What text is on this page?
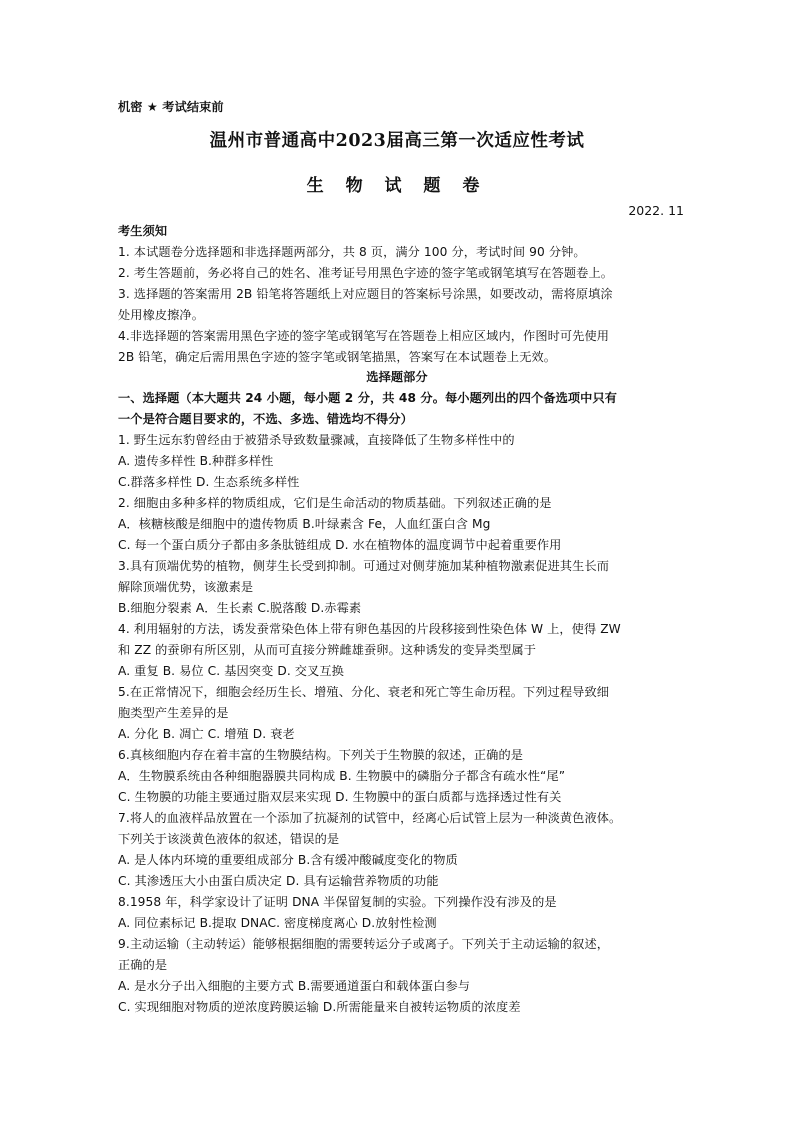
机密 ★ 考试结束前
温州市普通高中2023届高三第一次适应性考试
生 物 试 题 卷
2022. 11
考生须知
1. 本试题卷分选择题和非选择题两部分，共 8 页，满分 100 分，考试时间 90 分钟。
2. 考生答题前，务必将自己的姓名、准考证号用黑色字迹的签字笔或钢笔填写在答题卷上。
3. 选择题的答案需用 2B 铅笔将答题纸上对应题目的答案标号涂黑，如要改动，需将原填涂
处用橡皮擦净。
4.非选择题的答案需用黑色字迹的签字笔或钢笔写在答题卷上相应区域内，作图时可先使用
2B 铅笔，确定后需用黑色字迹的签字笔或钢笔描黑，答案写在本试题卷上无效。
选择题部分
一、选择题（本大题共 24 小题，每小题 2 分，共 48 分。每小题列出的四个备选项中只有
一个是符合题目要求的，不选、多选、错选均不得分）
1. 野生远东豹曾经由于被猎杀导致数量骤减，直接降低了生物多样性中的
A. 遗传多样性 B.种群多样性
C.群落多样性 D. 生态系统多样性
2. 细胞由多种多样的物质组成，它们是生命活动的物质基础。下列叙述正确的是
A．核糖核酸是细胞中的遗传物质 B.叶绿素含 Fe，人血红蛋白含 Mg
C. 每一个蛋白质分子都由多条肽链组成 D. 水在植物体的温度调节中起着重要作用
3.具有顶端优势的植物，侧芽生长受到抑制。可通过对侧芽施加某种植物激素促进其生长而
解除顶端优势，该激素是
B.细胞分裂素 A．生长素 C.脱落酸 D.赤霉素
4. 利用辐射的方法，诱发蚕常染色体上带有卵色基因的片段移接到性染色体 W 上，使得 ZW
和 ZZ 的蚕卵有所区别，从而可直接分辨雌雄蚕卵。这种诱发的变异类型属于
A. 重复 B. 易位 C. 基因突变 D. 交叉互换
5.在正常情况下，细胞会经历生长、增殖、分化、衰老和死亡等生命历程。下列过程导致细
胞类型产生差异的是
A. 分化 B. 凋亡 C. 增殖 D. 衰老
6.真核细胞内存在着丰富的生物膜结构。下列关于生物膜的叙述，正确的是
A．生物膜系统由各种细胞器膜共同构成 B. 生物膜中的磷脂分子都含有疏水性“尾”
C. 生物膜的功能主要通过脂双层来实现 D. 生物膜中的蛋白质都与选择透过性有关
7.将人的血液样品放置在一个添加了抗凝剂的试管中，经离心后试管上层为一种淡黄色液体。
下列关于该淡黄色液体的叙述，错误的是
A. 是人体内环境的重要组成部分 B.含有缓冲酸碱度变化的物质
C. 其渗透压大小由蛋白质决定 D. 具有运输营养物质的功能
8.1958 年，科学家设计了证明 DNA 半保留复制的实验。下列操作没有涉及的是
A. 同位素标记 B.提取 DNAC. 密度梯度离心 D.放射性检测
9.主动运输（主动转运）能够根据细胞的需要转运分子或离子。下列关于主动运输的叙述，
正确的是
A. 是水分子出入细胞的主要方式 B.需要通道蛋白和载体蛋白参与
C. 实现细胞对物质的逆浓度跨膜运输 D.所需能量来自被转运物质的浓度差
